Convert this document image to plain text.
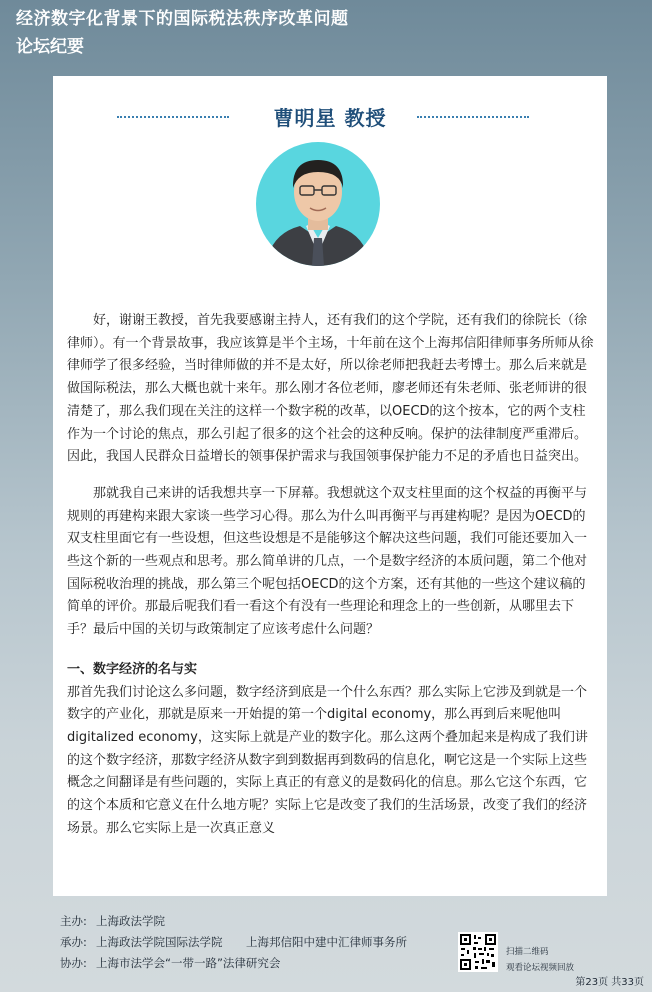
经济数字化背景下的国际税法秩序改革问题
论坛纪要
曹明星 教授

好，谢谢王教授，首先我要感谢主持人，还有我们的这个学院，还有我们的徐院长（徐律师）。有一个背景故事，我应该算是半个主场，十年前在这个上海邦信阳律师事务所师从徐律师学了很多经验，当时律师做的并不是太好，所以徐老师把我赶去考博士。那么后来就是做国际税法，那么大概也就十来年。那么刚才各位老师，廖老师还有朱老师、张老师讲的很清楚了，那么我们现在关注的这样一个数字税的改革，以OECD的这个按本，它的两个支柱作为一个讨论的焦点，那么引起了很多的这个社会的这种反响。保护的法律制度严重滞后。因此，我国人民群众日益增长的领事保护需求与我国领事保护能力不足的矛盾也日益突出。

那就我自己来讲的话我想共享一下屏幕。我想就这个双支柱里面的这个权益的再衡平与规则的再建构来跟大家谈一些学习心得。那么为什么叫再衡平与再建构呢？是因为OECD的双支柱里面它有一些设想，但这些设想是不是能够这个解决这些问题，我们可能还要加入一些这个新的一些观点和思考。那么简单讲的几点，一个是数字经济的本质问题，第二个他对国际税收治理的挑战，那么第三个呢包括OECD的这个方案，还有其他的一些这个建议稿的简单的评价。那最后呢我们看一看这个有没有一些理论和理念上的一些创新，从哪里去下手？最后中国的关切与政策制定了应该考虑什么问题？

一、数字经济的名与实

那首先我们讨论这么多问题，数字经济到底是一个什么东西？那么实际上它涉及到就是一个数字的产业化，那就是原来一开始提的第一个digital economy，那么再到后来呢他叫digitalized economy，这实际上就是产业的数字化。那么这两个叠加起来是构成了我们讲的这个数字经济，那数字经济从数字到到数据再到数码的信息化，啊它这是一个实际上这些概念之间翻译是有些问题的，实际上真正的有意义的是数码化的信息。那么它这个东西，它的这个本质和它意义在什么地方呢？实际上它是改变了我们的生活场景，改变了我们的经济场景。那么它实际上是一次真正意义

主办: 上海政法学院
承办: 上海政法学院国际法学院 上海邦信阳中建中汇律师事务所
协办: 上海市法学会“一带一路”法律研究会
扫描二维码
观看论坛视频回放
第23页 共33页
